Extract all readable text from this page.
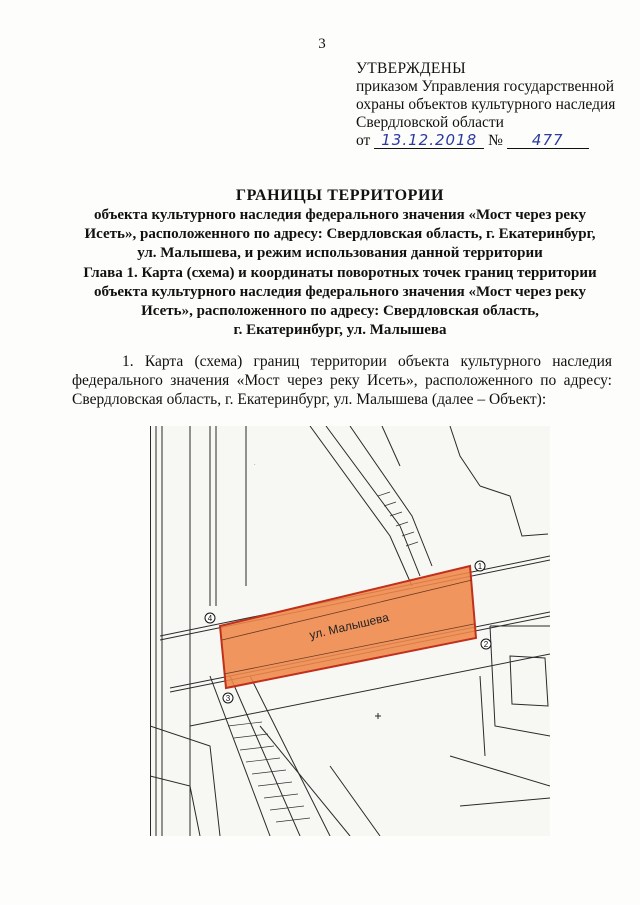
3
УТВЕРЖДЕНЫ
приказом Управления государственной
охраны объектов культурного наследия
Свердловской области
от 13.12.2018 № 477
ГРАНИЦЫ ТЕРРИТОРИИ
объекта культурного наследия федерального значения «Мост через реку
Исеть», расположенного по адресу: Свердловская область, г. Екатеринбург,
ул. Малышева, и режим использования данной территории
Глава 1. Карта (схема) и координаты поворотных точек границ территории
объекта культурного наследия федерального значения «Мост через реку
Исеть», расположенного по адресу: Свердловская область,
г. Екатеринбург, ул. Малышева
1. Карта (схема) границ территории объекта культурного наследия федерального значения «Мост через реку Исеть», расположенного по адресу: Свердловская область, г. Екатеринбург, ул. Малышева (далее – Объект):
·
ул. Малышева
1
2
3
4
